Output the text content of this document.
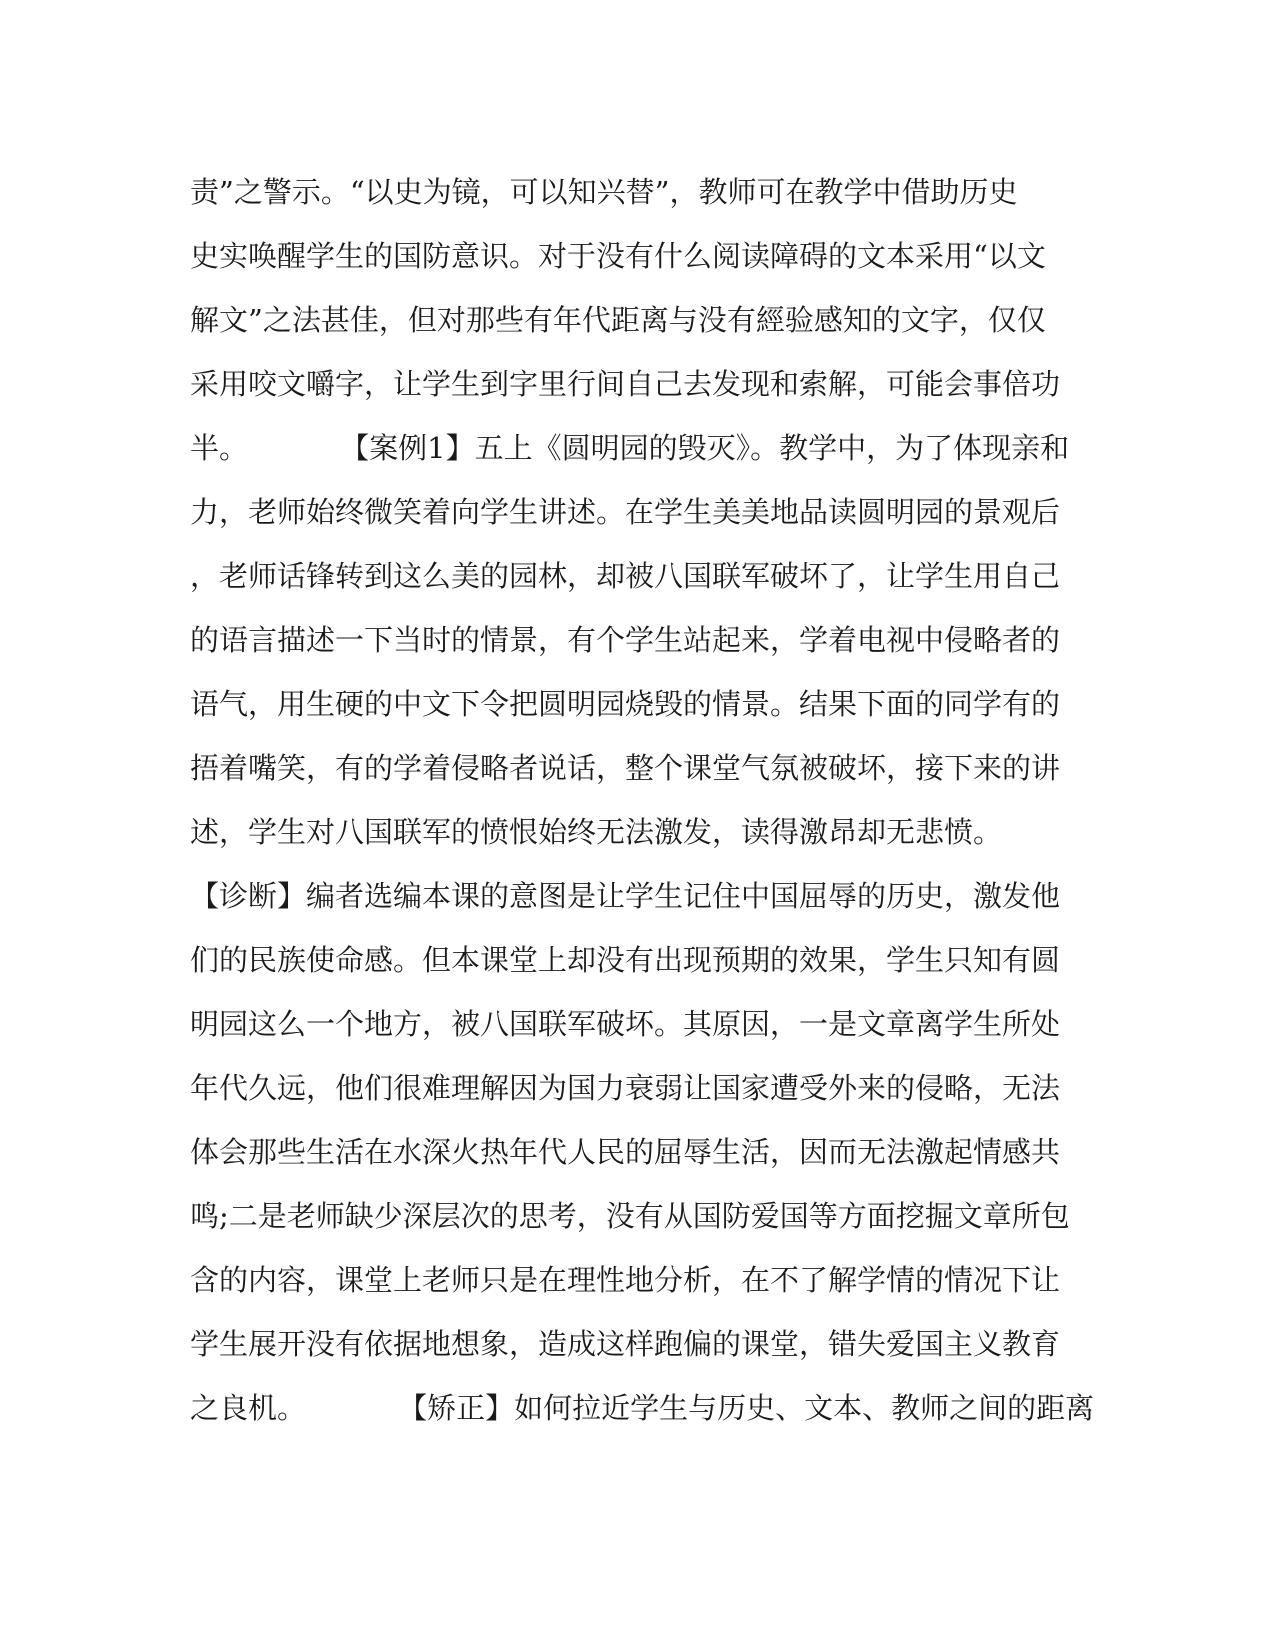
责”之警示。“以史为镜，可以知兴替”，教师可在教学中借助历史
史实唤醒学生的国防意识。对于没有什么阅读障碍的文本采用“以文
解文”之法甚佳，但对那些有年代距离与没有經验感知的文字，仅仅
采用咬文嚼字，让学生到字里行间自己去发现和索解，可能会事倍功
半。          【案例1】五上《圆明园的毁灭》。教学中，为了体现亲和
力，老师始终微笑着向学生讲述。在学生美美地品读圆明园的景观后
，老师话锋转到这么美的园林，却被八国联军破坏了，让学生用自己
的语言描述一下当时的情景，有个学生站起来，学着电视中侵略者的
语气，用生硬的中文下令把圆明园烧毁的情景。结果下面的同学有的
捂着嘴笑，有的学着侵略者说话，整个课堂气氛被破坏，接下来的讲
述，学生对八国联军的愤恨始终无法激发，读得激昂却无悲愤。
【诊断】编者选编本课的意图是让学生记住中国屈辱的历史，激发他
们的民族使命感。但本课堂上却没有出现预期的效果，学生只知有圆
明园这么一个地方，被八国联军破坏。其原因，一是文章离学生所处
年代久远，他们很难理解因为国力衰弱让国家遭受外来的侵略，无法
体会那些生活在水深火热年代人民的屈辱生活，因而无法激起情感共
鸣;二是老师缺少深层次的思考，没有从国防爱国等方面挖掘文章所包
含的内容，课堂上老师只是在理性地分析，在不了解学情的情况下让
学生展开没有依据地想象，造成这样跑偏的课堂，错失爱国主义教育
之良机。          【矫正】如何拉近学生与历史、文本、教师之间的距离
